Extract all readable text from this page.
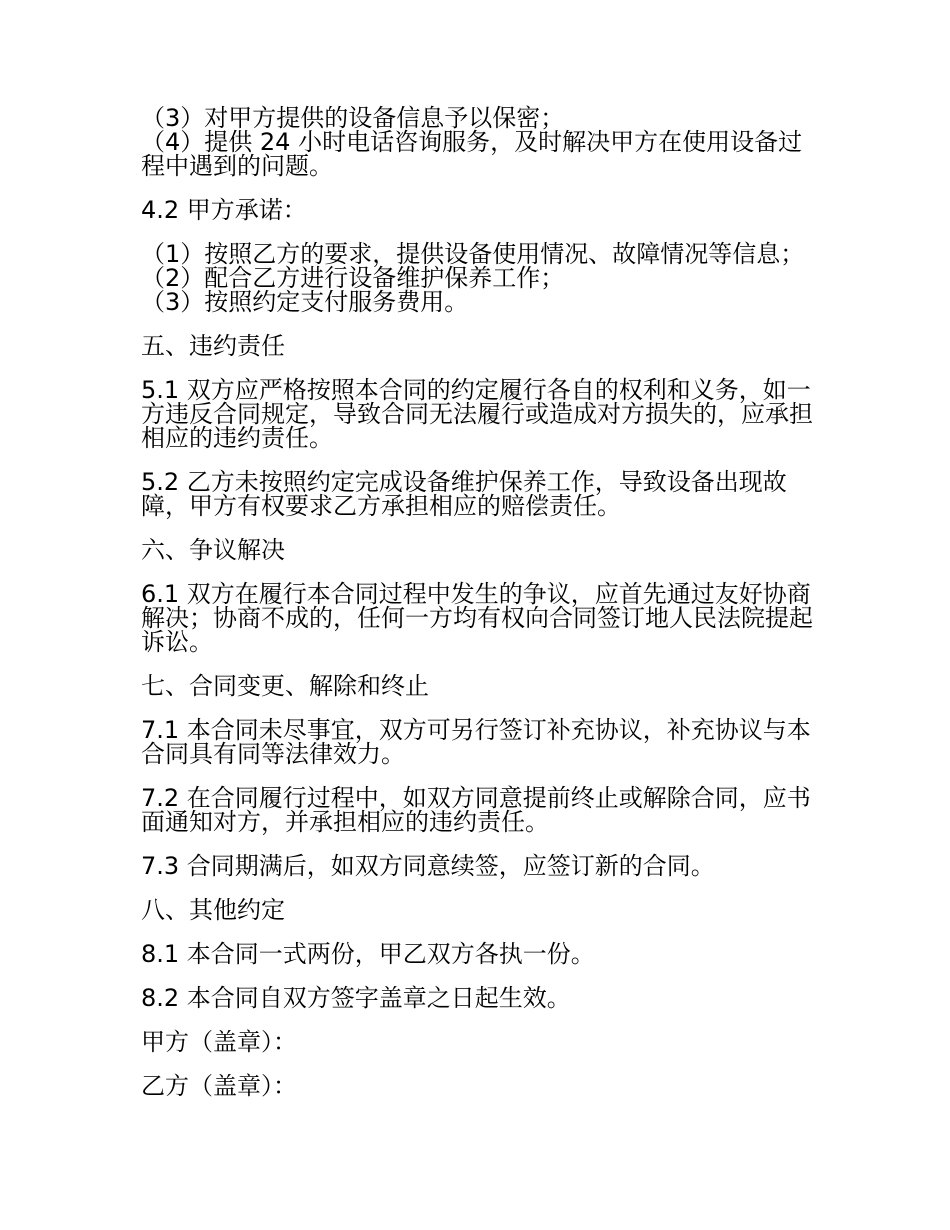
（3）对甲方提供的设备信息予以保密；

（4）提供 24 小时电话咨询服务，及时解决甲方在使用设备过程中遇到的问题。

4.2 甲方承诺：

（1）按照乙方的要求，提供设备使用情况、故障情况等信息；

（2）配合乙方进行设备维护保养工作；

（3）按照约定支付服务费用。

五、违约责任

5.1 双方应严格按照本合同的约定履行各自的权利和义务，如一方违反合同规定，导致合同无法履行或造成对方损失的，应承担相应的违约责任。

5.2 乙方未按照约定完成设备维护保养工作，导致设备出现故障，甲方有权要求乙方承担相应的赔偿责任。

六、争议解决

6.1 双方在履行本合同过程中发生的争议，应首先通过友好协商解决；协商不成的，任何一方均有权向合同签订地人民法院提起诉讼。

七、合同变更、解除和终止

7.1 本合同未尽事宜，双方可另行签订补充协议，补充协议与本合同具有同等法律效力。

7.2 在合同履行过程中，如双方同意提前终止或解除合同，应书面通知对方，并承担相应的违约责任。

7.3 合同期满后，如双方同意续签，应签订新的合同。

八、其他约定

8.1 本合同一式两份，甲乙双方各执一份。

8.2 本合同自双方签字盖章之日起生效。

甲方（盖章）：

乙方（盖章）：
